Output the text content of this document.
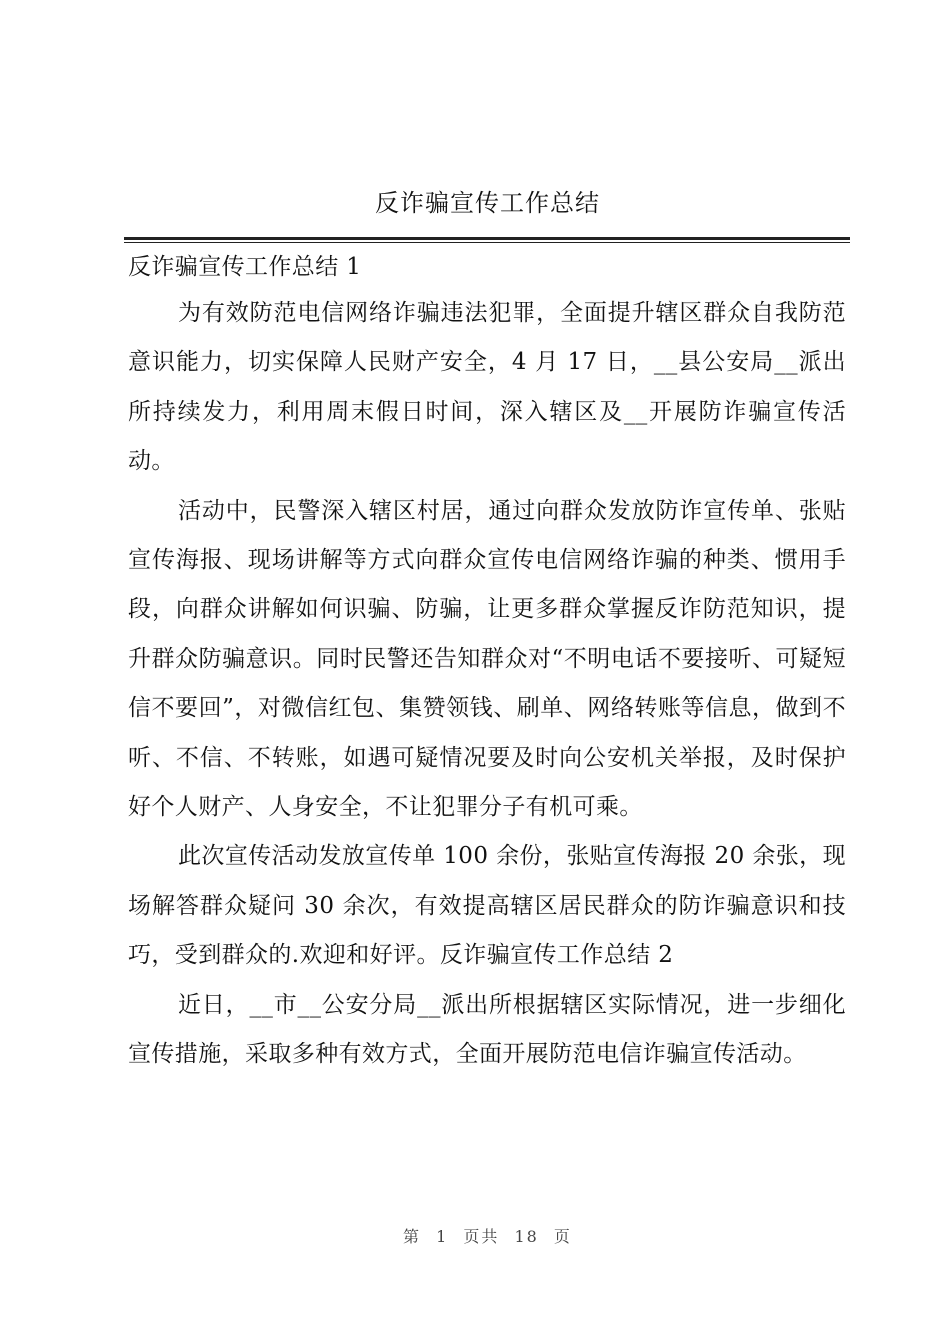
反诈骗宣传工作总结
反诈骗宣传工作总结 1

为有效防范电信网络诈骗违法犯罪，全面提升辖区群众自我防范意识能力，切实保障人民财产安全，4 月 17 日，__县公安局__派出所持续发力，利用周末假日时间，深入辖区及__开展防诈骗宣传活动。

活动中，民警深入辖区村居，通过向群众发放防诈宣传单、张贴宣传海报、现场讲解等方式向群众宣传电信网络诈骗的种类、惯用手段，向群众讲解如何识骗、防骗，让更多群众掌握反诈防范知识，提升群众防骗意识。同时民警还告知群众对“不明电话不要接听、可疑短信不要回”，对微信红包、集赞领钱、刷单、网络转账等信息，做到不听、不信、不转账，如遇可疑情况要及时向公安机关举报，及时保护好个人财产、人身安全，不让犯罪分子有机可乘。

此次宣传活动发放宣传单 100 余份，张贴宣传海报 20 余张，现场解答群众疑问 30 余次，有效提高辖区居民群众的防诈骗意识和技巧，受到群众的.欢迎和好评。反诈骗宣传工作总结 2

近日，__市__公安分局__派出所根据辖区实际情况，进一步细化宣传措施，采取多种有效方式，全面开展防范电信诈骗宣传活动。

第 1 页共 18 页
